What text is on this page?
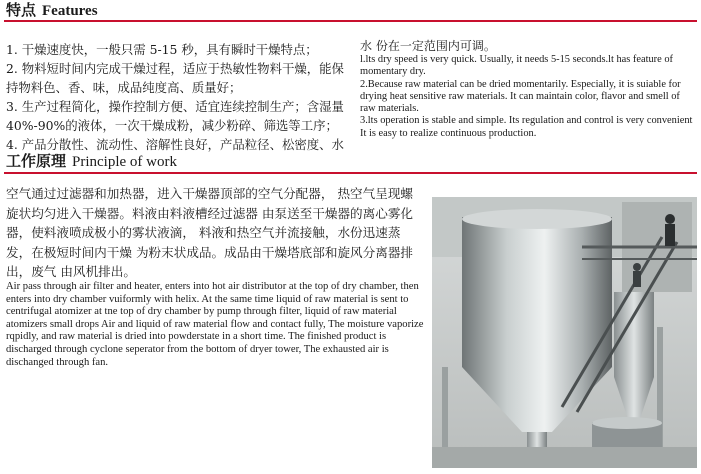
特点 Features

1. 干燥速度快，一般只需 5-15 秒，具有瞬时干燥特点；

2. 物料短时间内完成干燥过程，适应于热敏性物料干燥，能保 持物料色、香、味，成品纯度高、质量好；

3. 生产过程简化，操作控制方便、适宜连续控制生产；含湿量 40%-90%的液体，一次干燥成粉，减少粉碎、筛选等工序；

4. 产品分散性、流动性、溶解性良好，产品粒径、松密度、水

水 份在一定范围内可调。

l.lts dry speed is very quick. Usually, it needs 5-15 seconds.lt has feature of momentary dry.

2.Because raw material can be dried momentarily. Especially, it is suiable for drying heat sensitive raw materials. It can maintain color, flavor and smell of raw materials.

3.lts operation is stable and simple. Its regulation and control is very convenient It is easy to realize continuous production.

工作原理 Principle of work

空气通过过滤器和加热器，进入干燥器顶部的空气分配器， 热空气呈现螺旋状均匀进入干燥器。料液由料液槽经过滤器 由泵送至干燥器的离心雾化器，使料液喷成极小的雾状液滴， 料液和热空气并流接触，水份迅速蒸发，在极短时间内干燥 为粉末状成品。成品由干燥塔底部和旋风分离器排出，废气 由风机排出。

Air pass through air filter and heater, enters into hot air distributor at the top of dry chamber, then enters into dry chamber vuiformly with helix. At the same time liquid of raw material is sent to centrifugal atomizer at tne top of dry chamber by pump through filter, liquid of raw material atomizers small drops Air and liquid of raw material flow and contact fully, The moisture vaporize rqpidly, and raw material is dried into powderstate in a short time. The finished product is discharged through cyclone seperator from the bottom of dryer tower, The exhausted air is dischanged through fan.
